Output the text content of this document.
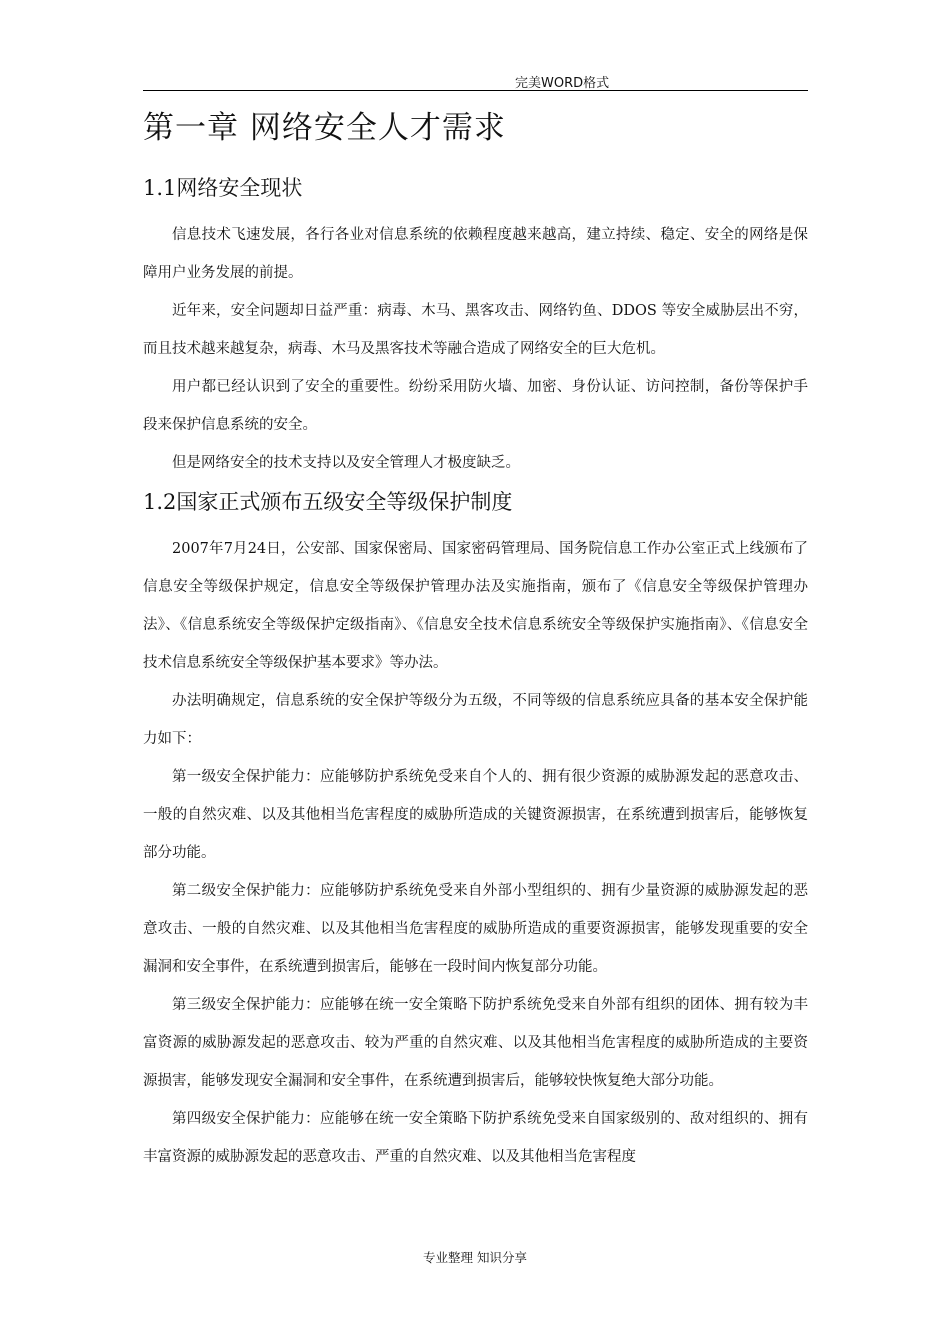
完美WORD格式
第一章 网络安全人才需求
1.1网络安全现状

信息技术飞速发展，各行各业对信息系统的依赖程度越来越高，建立持续、稳定、安全的网络是保障用户业务发展的前提。

近年来，安全问题却日益严重：病毒、木马、黑客攻击、网络钓鱼、DDOS 等安全威胁层出不穷，而且技术越来越复杂，病毒、木马及黑客技术等融合造成了网络安全的巨大危机。

用户都已经认识到了安全的重要性。纷纷采用防火墙、加密、身份认证、访问控制，备份等保护手段来保护信息系统的安全。

但是网络安全的技术支持以及安全管理人才极度缺乏。

1.2国家正式颁布五级安全等级保护制度

2007年7月24日，公安部、国家保密局、国家密码管理局、国务院信息工作办公室正式上线颁布了信息安全等级保护规定，信息安全等级保护管理办法及实施指南，颁布了《信息安全等级保护管理办法》、《信息系统安全等级保护定级指南》、《信息安全技术信息系统安全等级保护实施指南》、《信息安全技术信息系统安全等级保护基本要求》等办法。

办法明确规定，信息系统的安全保护等级分为五级，不同等级的信息系统应具备的基本安全保护能力如下：

第一级安全保护能力：应能够防护系统免受来自个人的、拥有很少资源的威胁源发起的恶意攻击、一般的自然灾难、以及其他相当危害程度的威胁所造成的关键资源损害，在系统遭到损害后，能够恢复部分功能。

第二级安全保护能力：应能够防护系统免受来自外部小型组织的、拥有少量资源的威胁源发起的恶意攻击、一般的自然灾难、以及其他相当危害程度的威胁所造成的重要资源损害，能够发现重要的安全漏洞和安全事件，在系统遭到损害后，能够在一段时间内恢复部分功能。

第三级安全保护能力：应能够在统一安全策略下防护系统免受来自外部有组织的团体、拥有较为丰富资源的威胁源发起的恶意攻击、较为严重的自然灾难、以及其他相当危害程度的威胁所造成的主要资源损害，能够发现安全漏洞和安全事件，在系统遭到损害后，能够较快恢复绝大部分功能。

第四级安全保护能力：应能够在统一安全策略下防护系统免受来自国家级别的、敌对组织的、拥有丰富资源的威胁源发起的恶意攻击、严重的自然灾难、以及其他相当危害程度

专业整理 知识分享
